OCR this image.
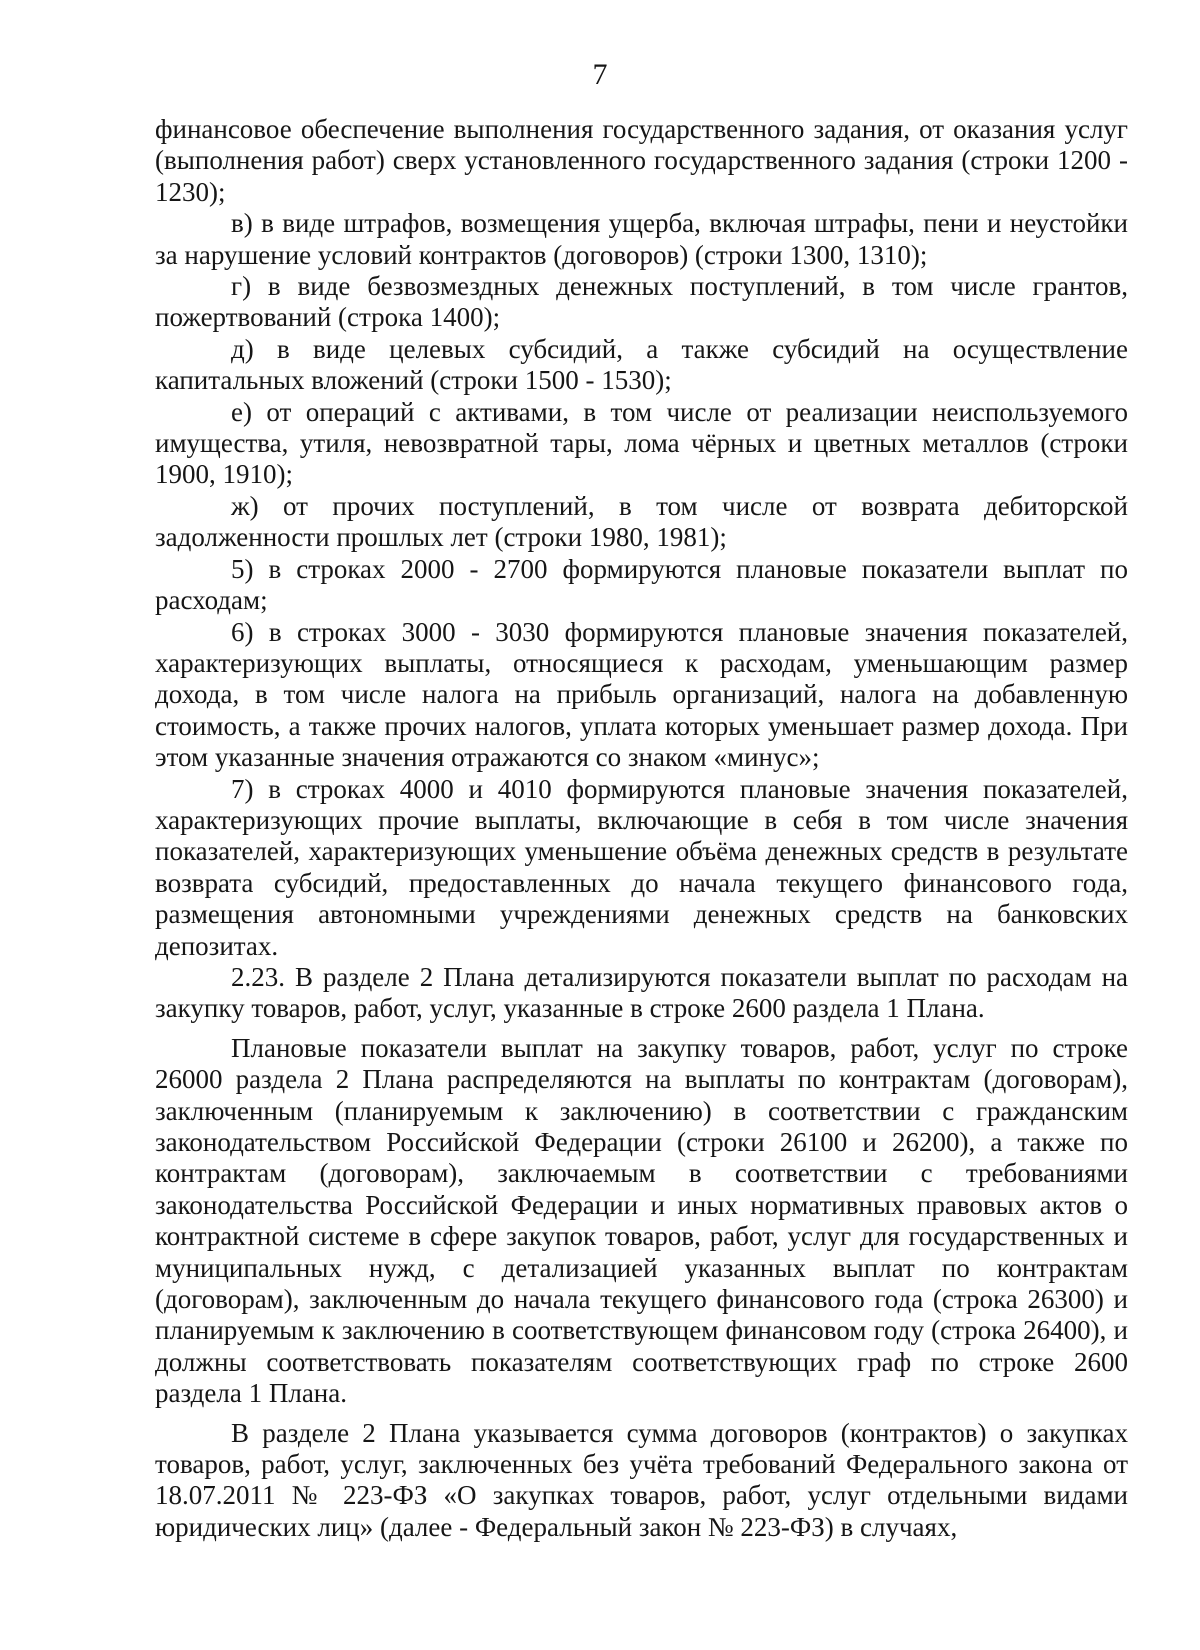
7

финансовое обеспечение выполнения государственного задания, от оказания услуг (выполнения работ) сверх установленного государственного задания (строки 1200 - 1230);

в) в виде штрафов, возмещения ущерба, включая штрафы, пени и неустойки за нарушение условий контрактов (договоров) (строки 1300, 1310);

г) в виде безвозмездных денежных поступлений, в том числе грантов, пожертвований (строка 1400);

д) в виде целевых субсидий, а также субсидий на осуществление капитальных вложений (строки 1500 - 1530);

е) от операций с активами, в том числе от реализации неиспользуемого имущества, утиля, невозвратной тары, лома чёрных и цветных металлов (строки 1900, 1910);

ж) от прочих поступлений, в том числе от возврата дебиторской задолженности прошлых лет (строки 1980, 1981);

5) в строках 2000 - 2700 формируются плановые показатели выплат по расходам;

6) в строках 3000 - 3030 формируются плановые значения показателей, характеризующих выплаты, относящиеся к расходам, уменьшающим размер дохода, в том числе налога на прибыль организаций, налога на добавленную стоимость, а также прочих налогов, уплата которых уменьшает размер дохода. При этом указанные значения отражаются со знаком «минус»;

7) в строках 4000 и 4010 формируются плановые значения показателей, характеризующих прочие выплаты, включающие в себя в том числе значения показателей, характеризующих уменьшение объёма денежных средств в результате возврата субсидий, предоставленных до начала текущего финансового года, размещения автономными учреждениями денежных средств на банковских депозитах.

2.23. В разделе 2 Плана детализируются показатели выплат по расходам на закупку товаров, работ, услуг, указанные в строке 2600 раздела 1 Плана.

Плановые показатели выплат на закупку товаров, работ, услуг по строке 26000 раздела 2 Плана распределяются на выплаты по контрактам (договорам), заключенным (планируемым к заключению) в соответствии с гражданским законодательством Российской Федерации (строки 26100 и 26200), а также по контрактам (договорам), заключаемым в соответствии с требованиями законодательства Российской Федерации и иных нормативных правовых актов о контрактной системе в сфере закупок товаров, работ, услуг для государственных и муниципальных нужд, с детализацией указанных выплат по контрактам (договорам), заключенным до начала текущего финансового года (строка 26300) и планируемым к заключению в соответствующем финансовом году (строка 26400), и должны соответствовать показателям соответствующих граф по строке 2600 раздела 1 Плана.

В разделе 2 Плана указывается сумма договоров (контрактов) о закупках товаров, работ, услуг, заключенных без учёта требований Федерального закона от 18.07.2011 № 223-ФЗ «О закупках товаров, работ, услуг отдельными видами юридических лиц» (далее - Федеральный закон № 223-ФЗ) в случаях,
